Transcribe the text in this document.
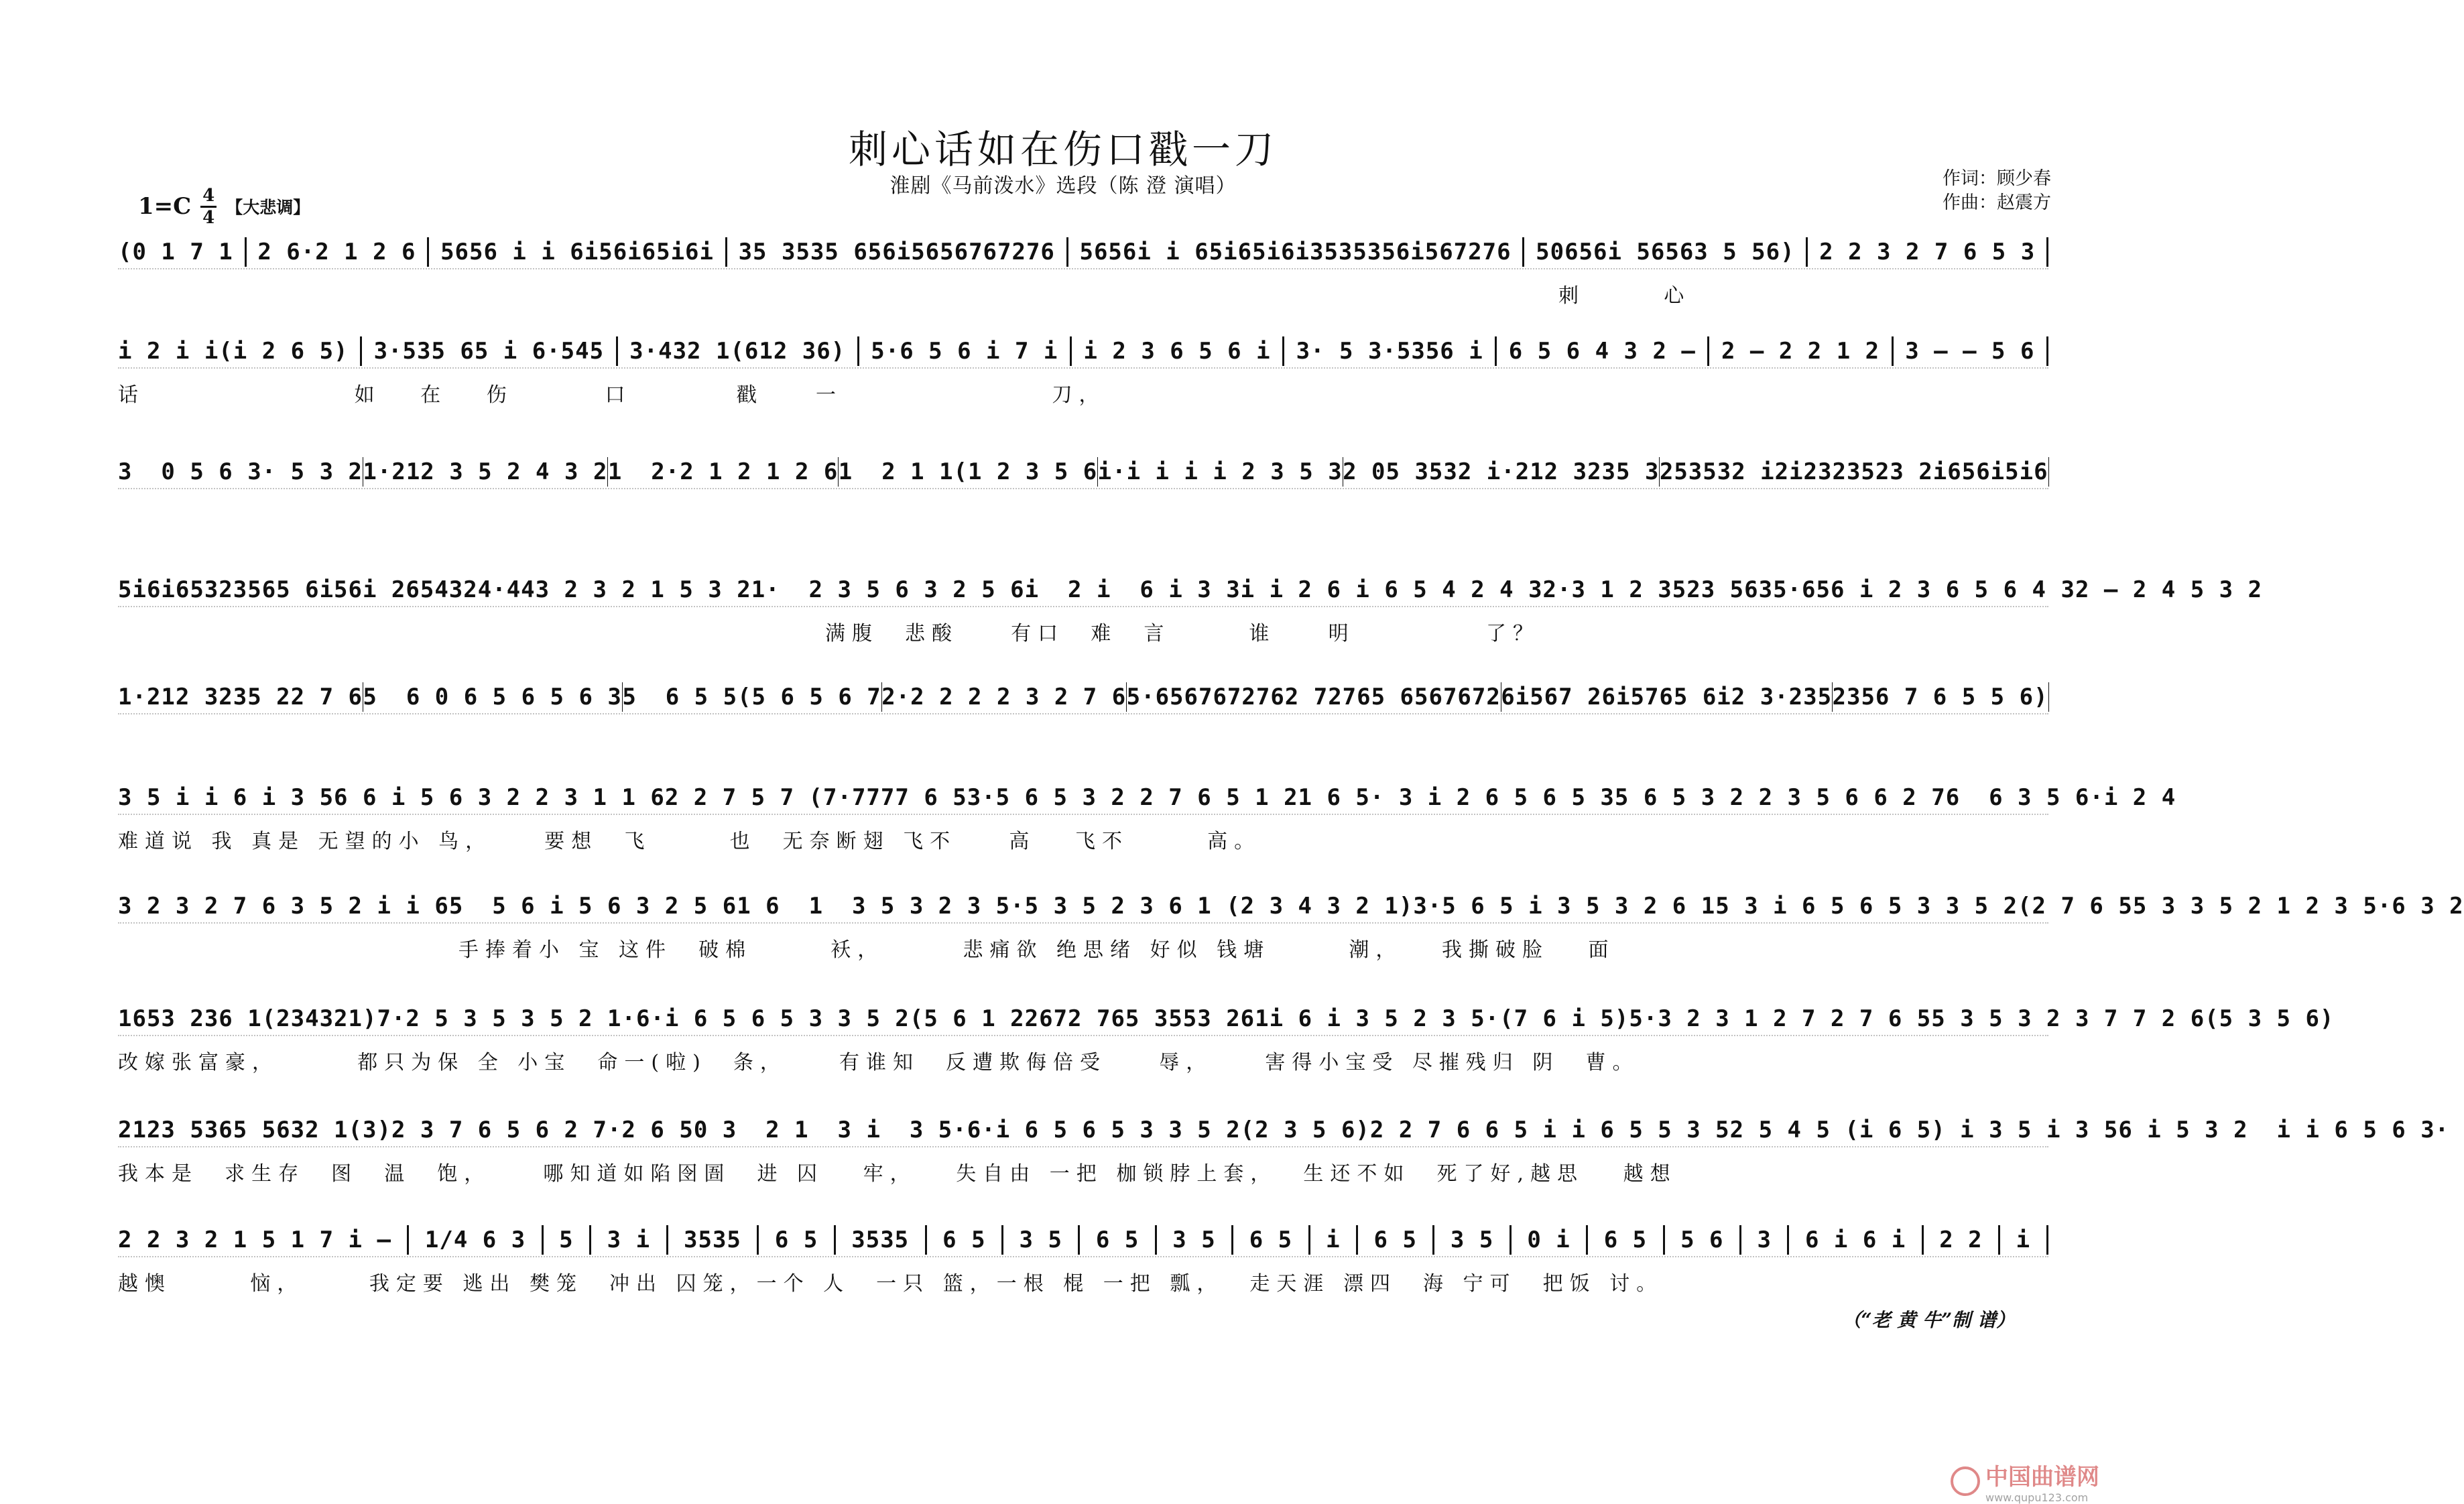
刺心话如在伤口戳一刀
淮剧《马前泼水》选段（陈 澄 演唱）	作词：顾少春
作曲：赵震方
1=C 4
4 【大悲调】
(0 1 7 1 2 6·2 1 2 6 5656 i i 6i56i65i6i 35 3535 656i5656767276 5656i i 65i65i6i3535356i567276 50656i 56563 5 56) 2 2 3 2 7 6 5 3
刺      心
i 2 i i(i 2 6 5) 3·535 65 i 6·545 3·432 1(612 36) 5·6 5 6 i 7 i i 2 3 6 5 6 i 3· 5 3·5356 i 6 5 6 4 3 2 – 2 – 2 2 1 2 3 – – 5 6
话                如   在   伤       口        戳    一                刀，
3  0 5 6 3· 5 3 2 1·212 3 5 2 4 3 2 1  2·2 1 2 1 2 6 1  2 1 1(1 2 3 5 6 i·i i i i 2 3 5 3 2 05 3532 i·212 3235 3 253532 i2i2323523 2i656i5i6
5i6i65323565 6i56i 265432 4·443 2 3 2 1 5 3 2 1·  2 3 5 6 3 2 5 6 i  2 i  6 i 3 3 i i 2 6 i 6 5 4 2 4 3 2·3 1 2 3523 563 5·656 i 2 3 6 5 6 4 3 2 – 2 4 5 3 2
满腹  悲酸    有口  难  言      谁    明          了？
1·212 3235 22 7 6 5  6 0 6 5 6 5 6 3 5  6 5 5(5 6 5 6 7 2·2 2 2 2 3 2 7 6 5·6567672762 72765 6567672 6i567 26i5765 6i2 3·235 2356 7 6 5 5 6)
3 5 i i 6 i 3 5 6 6 i 5 6 3 2 2 3 1 1 6 2 2 7 5 7 (7·7777 6 5 3·5 6 5 3 2 2 7 6 5 1 2 1 6 5· 3 i 2 6 5 6 5 3 5 6 5 3 2 2 3 5 6 6 2 7 6  6 3 5 6·i 2 4
难道说 我 真是 无望的小 鸟，    要想  飞      也  无奈断翅 飞不    高   飞不      高。
3 2 3 2 7 6 3 5 2 i i 6 5  5 6 i 5 6 3 2 5 6 1 6  1  3 5 3 2 3 5· 5 3 5 2 3 6 1 (2 3 4 3 2 1) 3·5 6 5 i 3 5 3 2 6 1 5 3 i 6 5 6 5 3 3 5 2(2 7 6 5 5 3 3 5 2 1 2 3 5·6 3 2
手捧着小 宝 这件  破棉      袄，      悲痛欲 绝思绪 好似 钱塘      潮，   我撕破脸   面
1653 236 1(234321) 7·2 5 3 5 3 5 2 1· 6·i 6 5 6 5 3 3 5 2(5 6 1 2 2672 765 3553 261 i 6 i 3 5 2 3 5·(7 6 i 5) 5·3 2 3 1 2 7 2 7 6 5 5 3 5 3 2 3 7 7 2 6(5 3 5 6)
改嫁张富豪，      都只为保 全 小宝  命一(啦)  条，    有谁知  反遭欺侮倍受    辱，    害得小宝受 尽摧残归 阴  曹。
2123 5365 5632 1(3) 2 3 7 6 5 6 2 7·2 6 5 0 3  2 1  3 i  3 5· 6·i 6 5 6 5 3 3 5 2(2 3 5 6) 2 2 7 6 6 5 i i 6 5 5 3 5 2 5 4 5 (i 6 5) i 3 5 i 3 5 6 i 5 3 2  i i 6 5 6 3·
我本是  求生存  图  温  饱，    哪知道如陷囹圄  进 囚   牢，   失自由 一把 枷锁脖上套，  生还不如  死了好,越思   越想
2 2 3 2 1 5 1 7 i – 1/4 6 3 5 3 i 3535 6 5 3535 6 5 3 5 6 5 3 5 6 5 i 6 5 3 5 0 i 6 5 5 6 3 6 i 6 i 2 2 i
越懊      恼，     我定要 逃出 樊笼  冲出 囚笼，一个 人  一只 篮，一根 棍 一把 瓢，  走天涯 漂四  海 宁可  把饭 讨。
（“老 黄 牛”制 谱）
中国曲谱网
www.qupu123.com
